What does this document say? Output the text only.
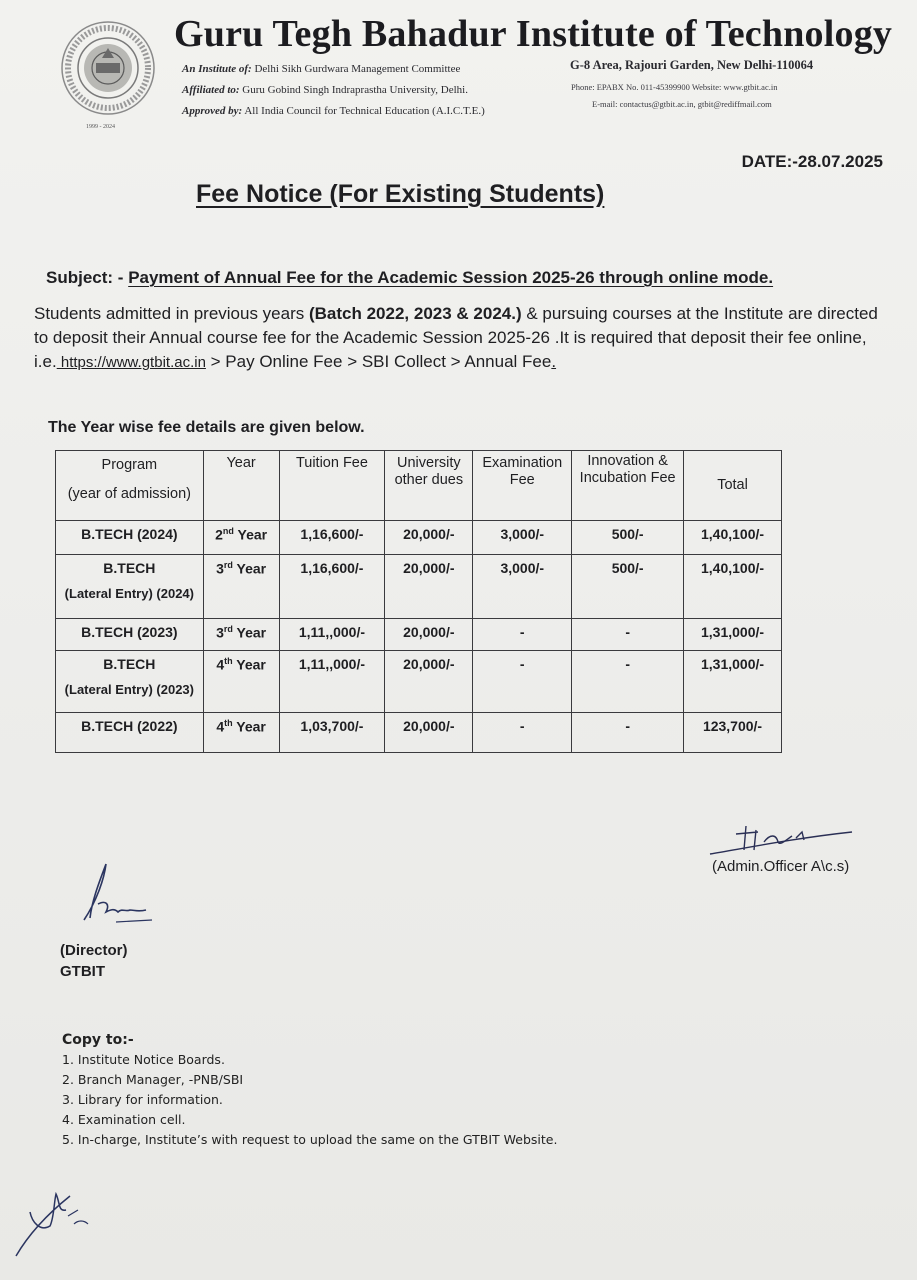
1999 - 2024
Guru Tegh Bahadur Institute of Technology
An Institute of: Delhi Sikh Gurdwara Management Committee
Affiliated to: Guru Gobind Singh Indraprastha University, Delhi.
Approved by: All India Council for Technical Education (A.I.C.T.E.)
G-8 Area, Rajouri Garden, New Delhi-110064
Phone: EPABX No. 011-45399900 Website: www.gtbit.ac.in
E-mail: contactus@gtbit.ac.in, gtbit@rediffmail.com
DATE:-28.07.2025
Fee Notice (For Existing Students)
Subject: - Payment of Annual Fee for the Academic Session 2025-26 through online mode.
Students admitted in previous years (Batch 2022, 2023 & 2024.) & pursuing courses at the Institute are directed to deposit their Annual course fee for the Academic Session 2025-26 .It is required that deposit their fee online, i.e. https://www.gtbit.ac.in > Pay Online Fee > SBI Collect > Annual Fee.
The Year wise fee details are given below.
Program
(year of admission)	Year	Tuition Fee	University other dues	Examination Fee	Innovation & Incubation Fee	Total
B.TECH (2024)	2nd Year	1,16,600/-	20,000/-	3,000/-	500/-	1,40,100/-
B.TECH
(Lateral Entry) (2024)	3rd Year	1,16,600/-	20,000/-	3,000/-	500/-	1,40,100/-
B.TECH (2023)	3rd Year	1,11,,000/-	20,000/-	-	-	1,31,000/-
B.TECH
(Lateral Entry) (2023)	4th Year	1,11,,000/-	20,000/-	-	-	1,31,000/-
B.TECH (2022)	4th Year	1,03,700/-	20,000/-	-	-	123,700/-
(Admin.Officer A\c.s)
(Director)
GTBIT
Copy to:-
1. Institute Notice Boards.
2. Branch Manager, -PNB/SBI
3. Library for information.
4. Examination cell.
5. In-charge, Institute’s with request to upload the same on the GTBIT Website.
